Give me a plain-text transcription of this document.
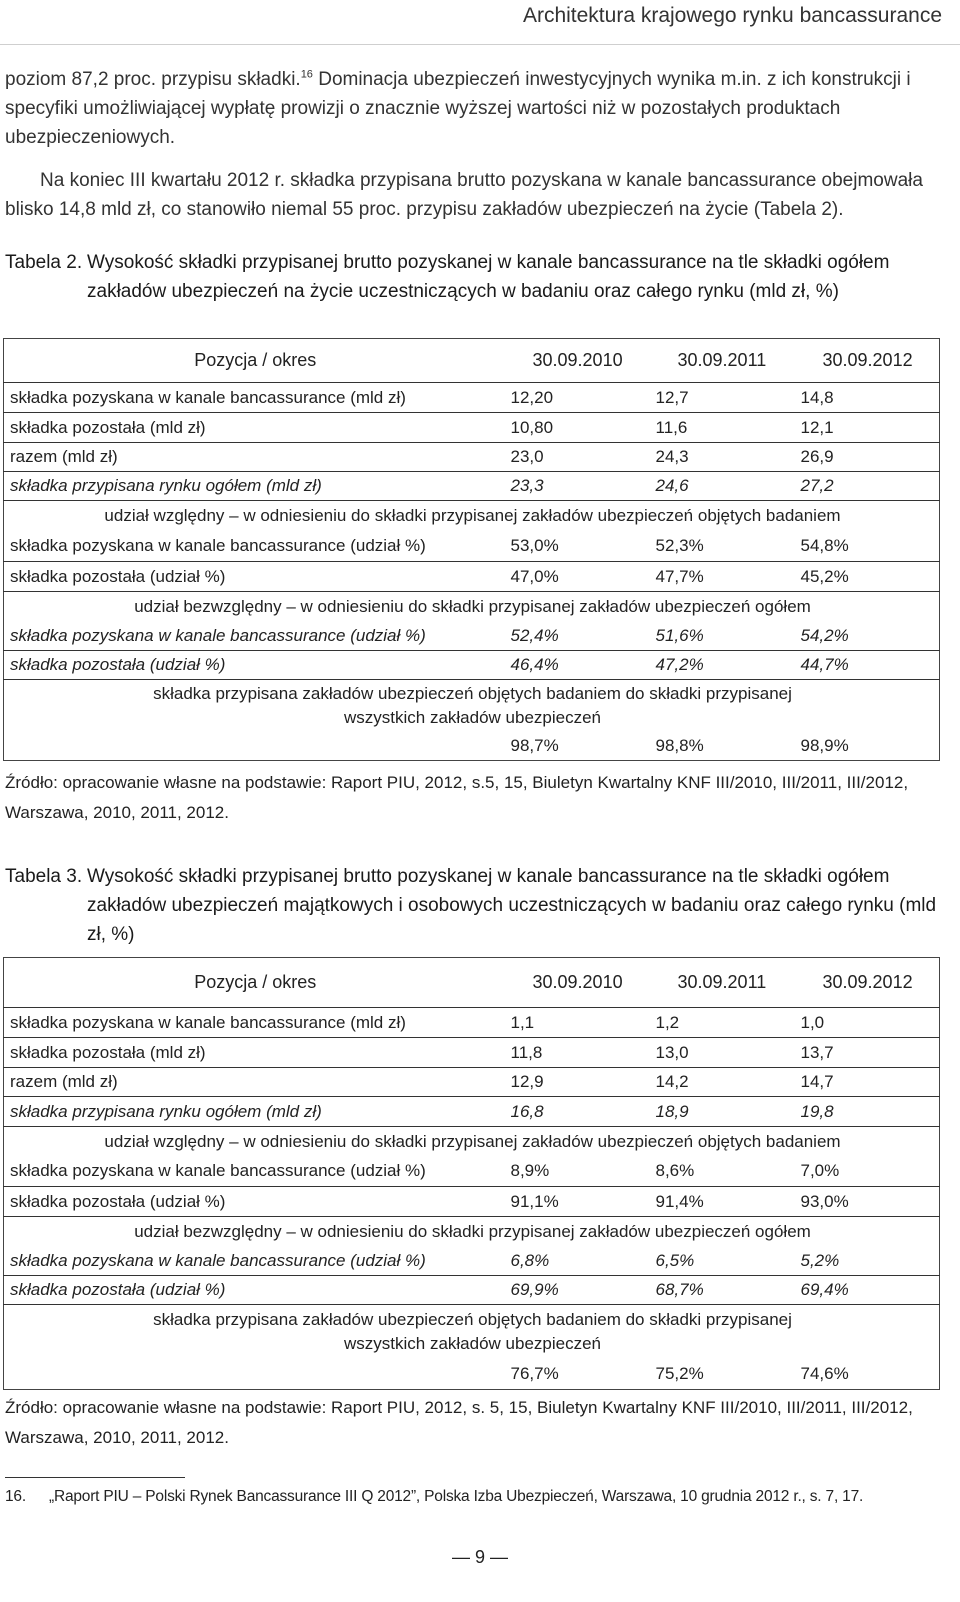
Architektura krajowego rynku bancassurance

poziom 87,2 proc. przypisu składki.$^{16}$ Dominacja ubezpieczeń inwestycyjnych wynika m.in. z ich konstrukcji i specyfiki umożliwiającej wypłatę prowizji o znacznie wyższej wartości niż w pozostałych produktach ubezpieczeniowych.

Na koniec III kwartału 2012 r. składka przypisana brutto pozyskana w kanale bancassurance obejmowała blisko 14,8 mld zł, co stanowiło niemal 55 proc. przypisu zakładów ubezpieczeń na życie (Tabela 2).

Tabela 2. Wysokość składki przypisanej brutto pozyskanej w kanale bancassurance na tle składki ogółem zakładów ubezpieczeń na życie uczestniczących w badaniu oraz całego rynku (mld zł, %)
Pozycja / okres	30.09.2010	30.09.2011	30.09.2012
składka pozyskana w kanale bancassurance (mld zł)	12,20	12,7	14,8
składka pozostała (mld zł)	10,80	11,6	12,1
razem (mld zł)	23,0	24,3	26,9
składka przypisana rynku ogółem (mld zł)	23,3	24,6	27,2
udział względny – w odniesieniu do składki przypisanej zakładów ubezpieczeń objętych badaniem			
składka pozyskana w kanale bancassurance (udział %)	53,0%	52,3%	54,8%
składka pozostała (udział %)	47,0%	47,7%	45,2%
udział bezwzględny – w odniesieniu do składki przypisanej zakładów ubezpieczeń ogółem			
składka pozyskana w kanale bancassurance (udział %)	52,4%	51,6%	54,2%
składka pozostała (udział %)	46,4%	47,2%	44,7%

składka przypisana zakładów ubezpieczeń objętych badaniem do składki przypisanej
wszystkich zakładów ubezpieczeń			

	98,7%	98,8%	98,9%

Źródło: opracowanie własne na podstawie: Raport PIU, 2012, s.5, 15, Biuletyn Kwartalny KNF III/2010, III/2011, III/2012, Warszawa, 2010, 2011, 2012.

Tabela 3. Wysokość składki przypisanej brutto pozyskanej w kanale bancassurance na tle składki ogółem zakładów ubezpieczeń majątkowych i osobowych uczestniczących w badaniu oraz całego rynku (mld zł, %)
Pozycja / okres	30.09.2010	30.09.2011	30.09.2012
składka pozyskana w kanale bancassurance (mld zł)	1,1	1,2	1,0
składka pozostała (mld zł)	11,8	13,0	13,7
razem (mld zł)	12,9	14,2	14,7
składka przypisana rynku ogółem (mld zł)	16,8	18,9	19,8
udział względny – w odniesieniu do składki przypisanej zakładów ubezpieczeń objętych badaniem			
składka pozyskana w kanale bancassurance (udział %)	8,9%	8,6%	7,0%
składka pozostała (udział %)	91,1%	91,4%	93,0%
udział bezwzględny – w odniesieniu do składki przypisanej zakładów ubezpieczeń ogółem			
składka pozyskana w kanale bancassurance (udział %)	6,8%	6,5%	5,2%
składka pozostała (udział %)	69,9%	68,7%	69,4%

składka przypisana zakładów ubezpieczeń objętych badaniem do składki przypisanej
wszystkich zakładów ubezpieczeń			

	76,7%	75,2%	74,6%

Źródło: opracowanie własne na podstawie: Raport PIU, 2012, s. 5, 15, Biuletyn Kwartalny KNF III/2010, III/2011, III/2012, Warszawa, 2010, 2011, 2012.

16. „Raport PIU – Polski Rynek Bancassurance III Q 2012”, Polska Izba Ubezpieczeń, Warszawa, 10 grudnia 2012 r., s. 7, 17.

— 9 —
